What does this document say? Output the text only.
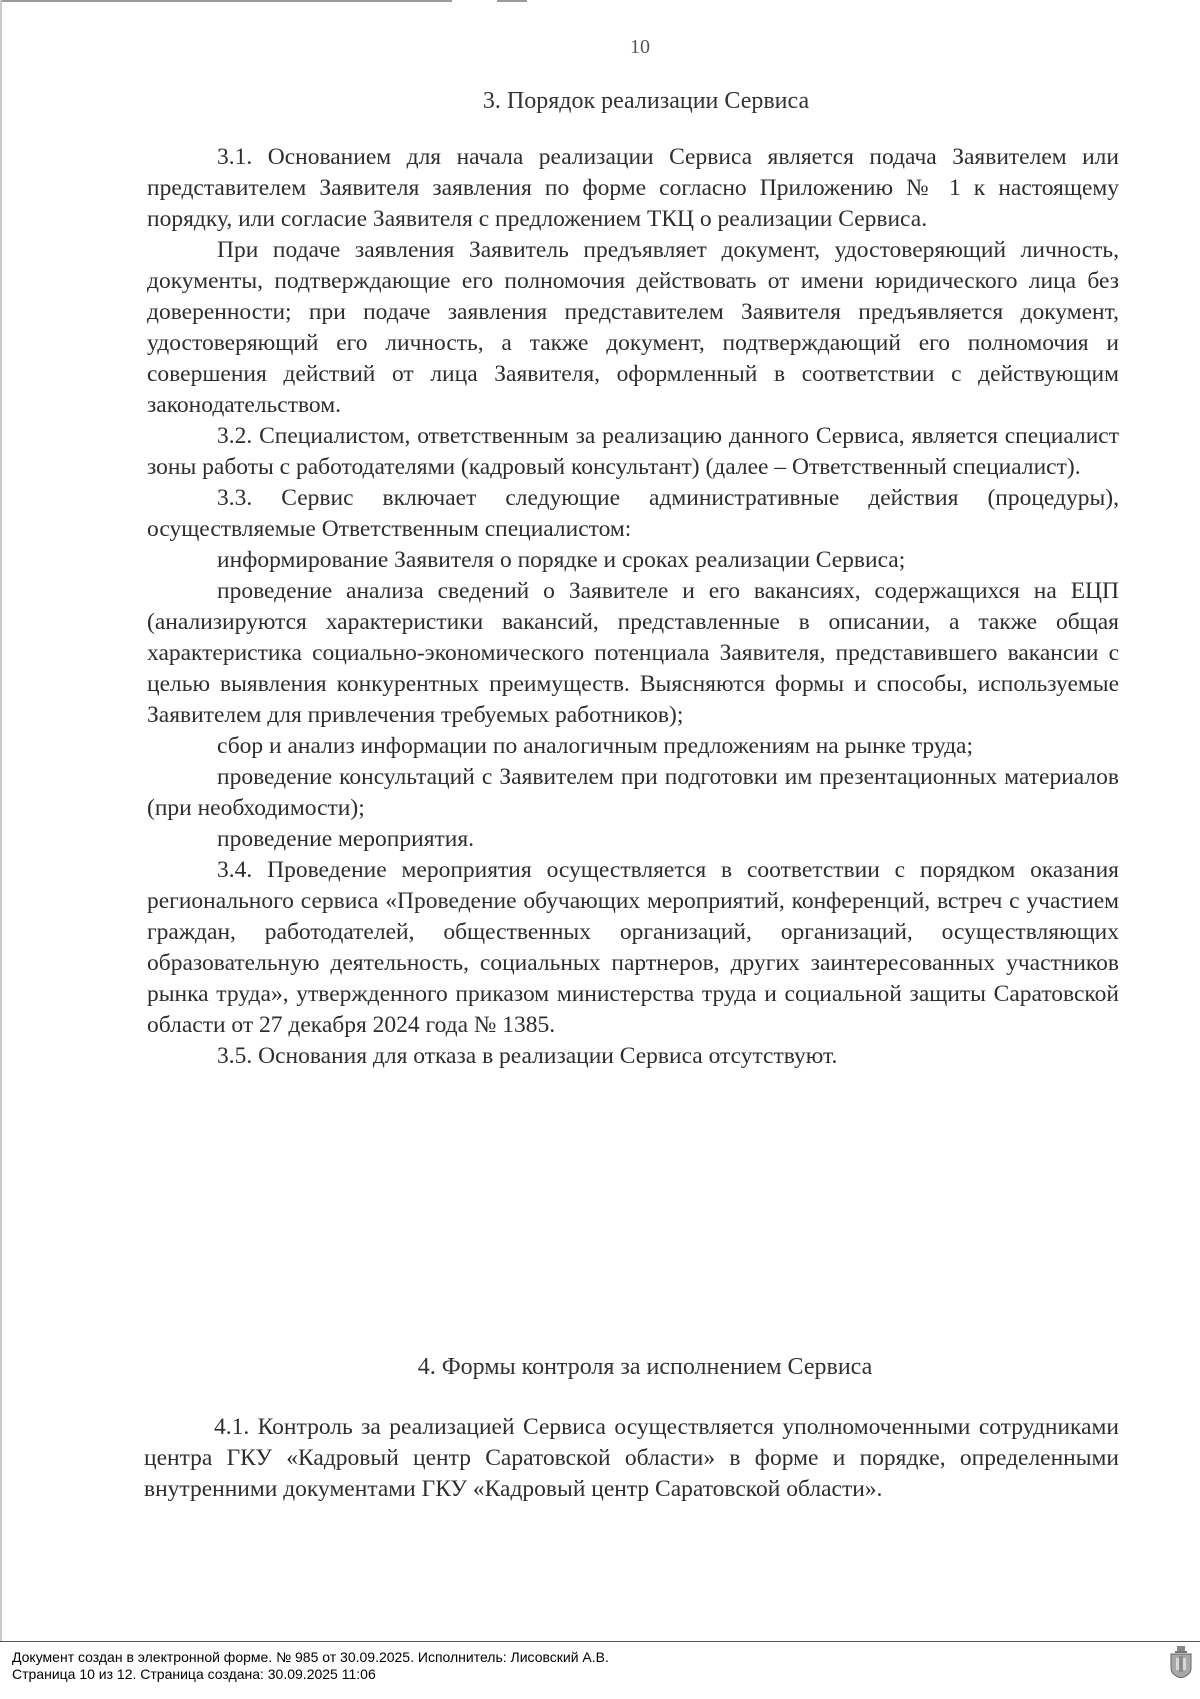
10
3. Порядок реализации Сервиса

3.1. Основанием для начала реализации Сервиса является подача Заявителем или представителем Заявителя заявления по форме согласно Приложению № 1 к настоящему порядку, или согласие Заявителя с предложением ТКЦ о реализации Сервиса.

При подаче заявления Заявитель предъявляет документ, удостоверяющий личность, документы, подтверждающие его полномочия действовать от имени юридического лица без доверенности; при подаче заявления представителем Заявителя предъявляется документ, удостоверяющий его личность, а также документ, подтверждающий его полномочия и совершения действий от лица Заявителя, оформленный в соответствии с действующим законодательством.

3.2. Специалистом, ответственным за реализацию данного Сервиса, является специалист зоны работы с работодателями (кадровый консультант) (далее – Ответственный специалист).

3.3. Сервис включает следующие административные действия (процедуры), осуществляемые Ответственным специалистом:

информирование Заявителя о порядке и сроках реализации Сервиса;

проведение анализа сведений о Заявителе и его вакансиях, содержащихся на ЕЦП (анализируются характеристики вакансий, представленные в описании, а также общая характеристика социально-экономического потенциала Заявителя, представившего вакансии с целью выявления конкурентных преимуществ. Выясняются формы и способы, используемые Заявителем для привлечения требуемых работников);

сбор и анализ информации по аналогичным предложениям на рынке труда;

проведение консультаций с Заявителем при подготовки им презентационных материалов (при необходимости);

проведение мероприятия.

3.4. Проведение мероприятия осуществляется в соответствии с порядком оказания регионального сервиса «Проведение обучающих мероприятий, конференций, встреч с участием граждан, работодателей, общественных организаций, организаций, осуществляющих образовательную деятельность, социальных партнеров, других заинтересованных участников рынка труда», утвержденного приказом министерства труда и социальной защиты Саратовской области от 27 декабря 2024 года № 1385.

3.5. Основания для отказа в реализации Сервиса отсутствуют.

4. Формы контроля за исполнением Сервиса

4.1. Контроль за реализацией Сервиса осуществляется уполномоченными сотрудниками центра ГКУ «Кадровый центр Саратовской области» в форме и порядке, определенными внутренними документами ГКУ «Кадровый центр Саратовской области».

Документ создан в электронной форме. № 985 от 30.09.2025. Исполнитель: Лисовский А.В.
Страница 10 из 12. Страница создана: 30.09.2025 11:06
